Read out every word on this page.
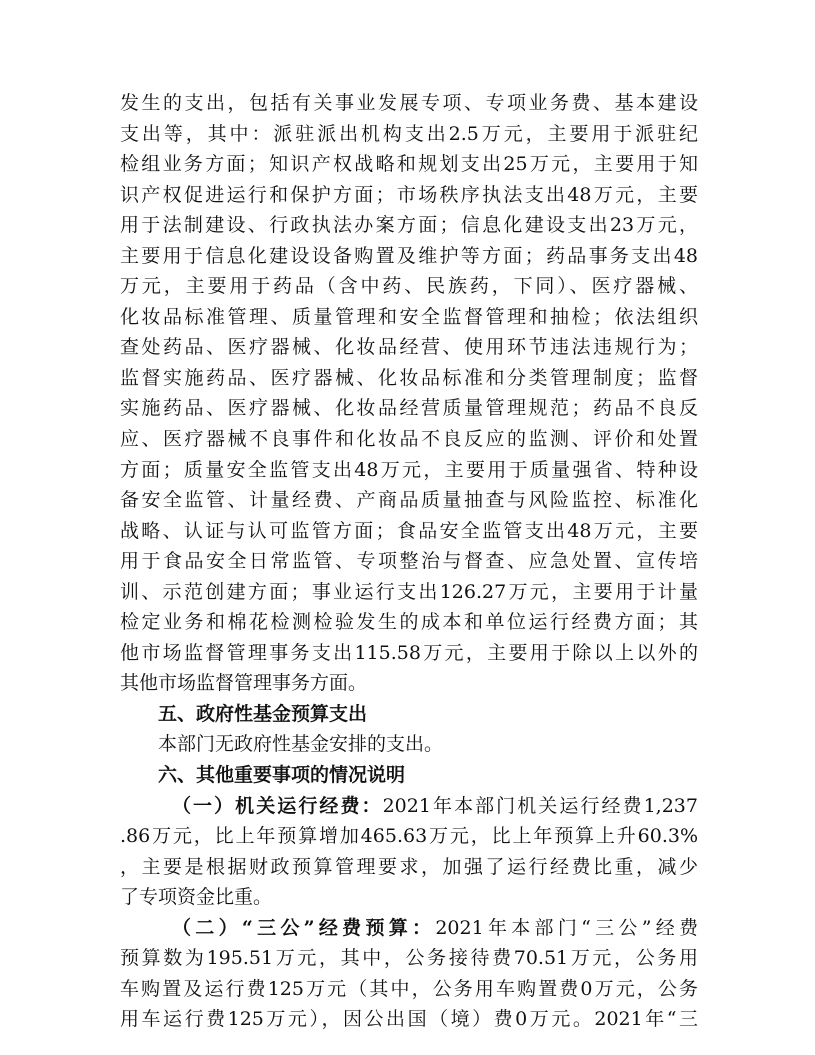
发生的支出，包括有关事业发展专项、专项业务费、基本建设
支出等，其中：派驻派出机构支出2.5万元，主要用于派驻纪
检组业务方面；知识产权战略和规划支出25万元，主要用于知
识产权促进运行和保护方面；市场秩序执法支出48万元，主要
用于法制建设、行政执法办案方面；信息化建设支出23万元，
主要用于信息化建设设备购置及维护等方面；药品事务支出48
万元，主要用于药品（含中药、民族药，下同）、医疗器械、
化妆品标准管理、质量管理和安全监督管理和抽检；依法组织
查处药品、医疗器械、化妆品经营、使用环节违法违规行为；
监督实施药品、医疗器械、化妆品标准和分类管理制度；监督
实施药品、医疗器械、化妆品经营质量管理规范；药品不良反
应、医疗器械不良事件和化妆品不良反应的监测、评价和处置
方面；质量安全监管支出48万元，主要用于质量强省、特种设
备安全监管、计量经费、产商品质量抽查与风险监控、标准化
战略、认证与认可监管方面；食品安全监管支出48万元，主要
用于食品安全日常监管、专项整治与督查、应急处置、宣传培
训、示范创建方面；事业运行支出126.27万元，主要用于计量
检定业务和棉花检测检验发生的成本和单位运行经费方面；其
他市场监督管理事务支出115.58万元，主要用于除以上以外的
其他市场监督管理事务方面。
五、政府性基金预算支出
本部门无政府性基金安排的支出。
六、其他重要事项的情况说明
（一）机关运行经费：2021年本部门机关运行经费1,237
.86万元，比上年预算增加465.63万元，比上年预算上升60.3%
，主要是根据财政预算管理要求，加强了运行经费比重，减少
了专项资金比重。
（二）“三公”经费预算：2021年本部门“三公”经费
预算数为195.51万元，其中，公务接待费70.51万元，公务用
车购置及运行费125万元（其中，公务用车购置费0万元，公务
用车运行费125万元），因公出国（境）费0万元。2021年“三
